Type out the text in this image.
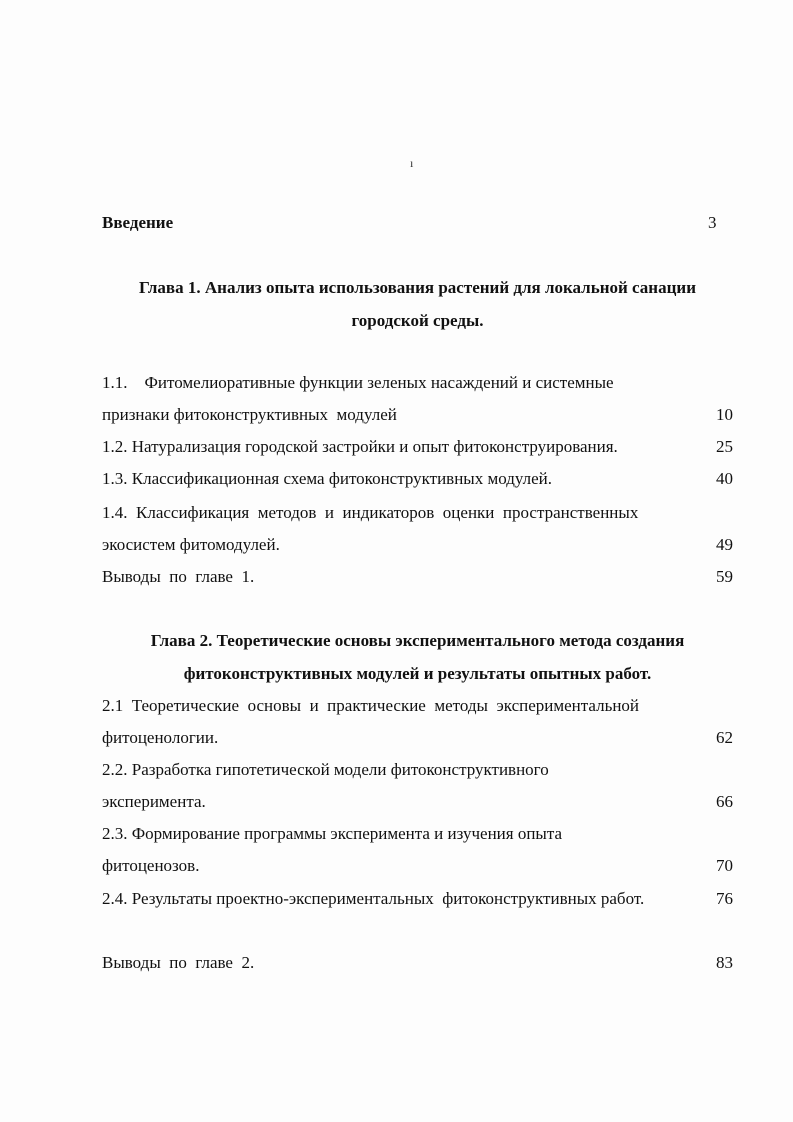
ı
Введение	3
Глава 1. Анализ опыта использования растений для локальной санации
городской среды.
1.1.    Фитомелиоративные функции зеленых насаждений и системные
признаки фитоконструктивных  модулей	10
1.2. Натурализация городской застройки и опыт фитоконструирования.	25
1.3. Классификационная схема фитоконструктивных модулей.	40
1.4.  Классификация  методов  и  индикаторов  оценки  пространственных
экосистем фитомодулей.	49
Выводы  по  главе  1.	59
Глава 2. Теоретические основы экспериментального метода создания
фитоконструктивных модулей и результаты опытных работ.
2.1  Теоретические  основы  и  практические  методы  экспериментальной
фитоценологии.	62
2.2. Разработка гипотетической модели фитоконструктивного
эксперимента.	66
2.3. Формирование программы эксперимента и изучения опыта
фитоценозов.	70
2.4. Результаты проектно-экспериментальных  фитоконструктивных работ.	76
Выводы  по  главе  2.	83
